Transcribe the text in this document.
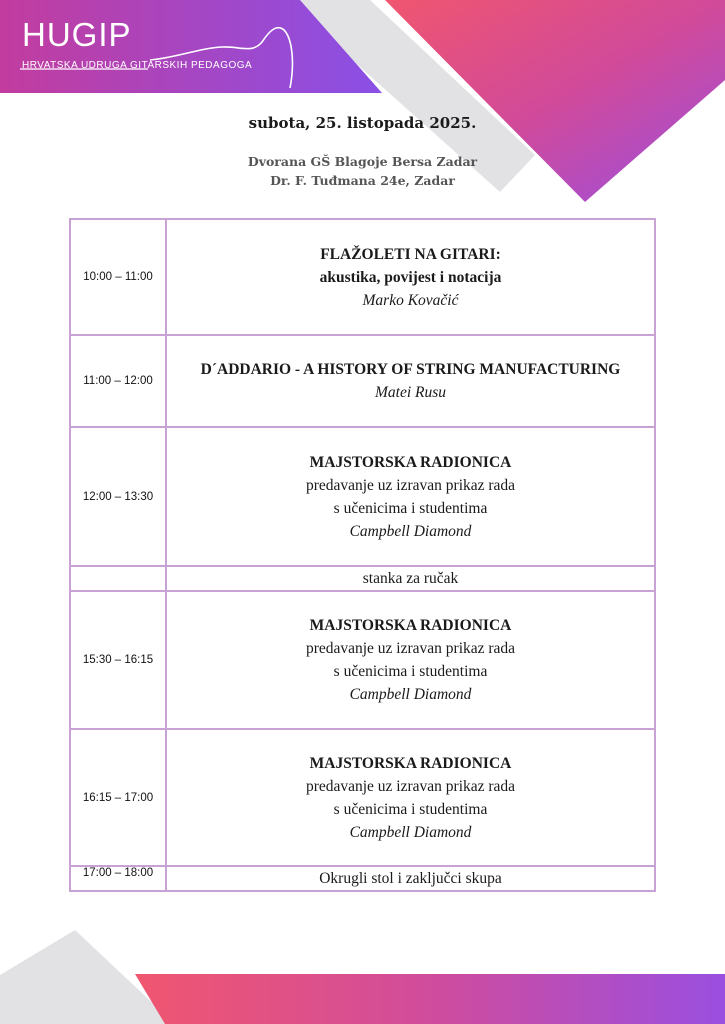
HUGIP
HRVATSKA UDRUGA GITARSKIH PEDAGOGA
subota, 25. listopada 2025.
Dvorana GŠ Blagoje Bersa Zadar
Dr. F. Tuđmana 24e, Zadar
10:00 – 11:00	FLAŽOLETI NA GITARI:
akustika, povijest i notacija
Marko Kovačić

11:00 – 12:00	D´ADDARIO - A HISTORY OF STRING MANUFACTURING
Matei Rusu

12:00 – 13:30	MAJSTORSKA RADIONICA
predavanje uz izravan prikaz rada
s učenicima i studentima
Campbell Diamond

	stanka za ručak

15:30 – 16:15	MAJSTORSKA RADIONICA
predavanje uz izravan prikaz rada
s učenicima i studentima
Campbell Diamond

16:15 – 17:00	MAJSTORSKA RADIONICA
predavanje uz izravan prikaz rada
s učenicima i studentima
Campbell Diamond

17:00 – 18:00	Okrugli stol i zaključci skupa
